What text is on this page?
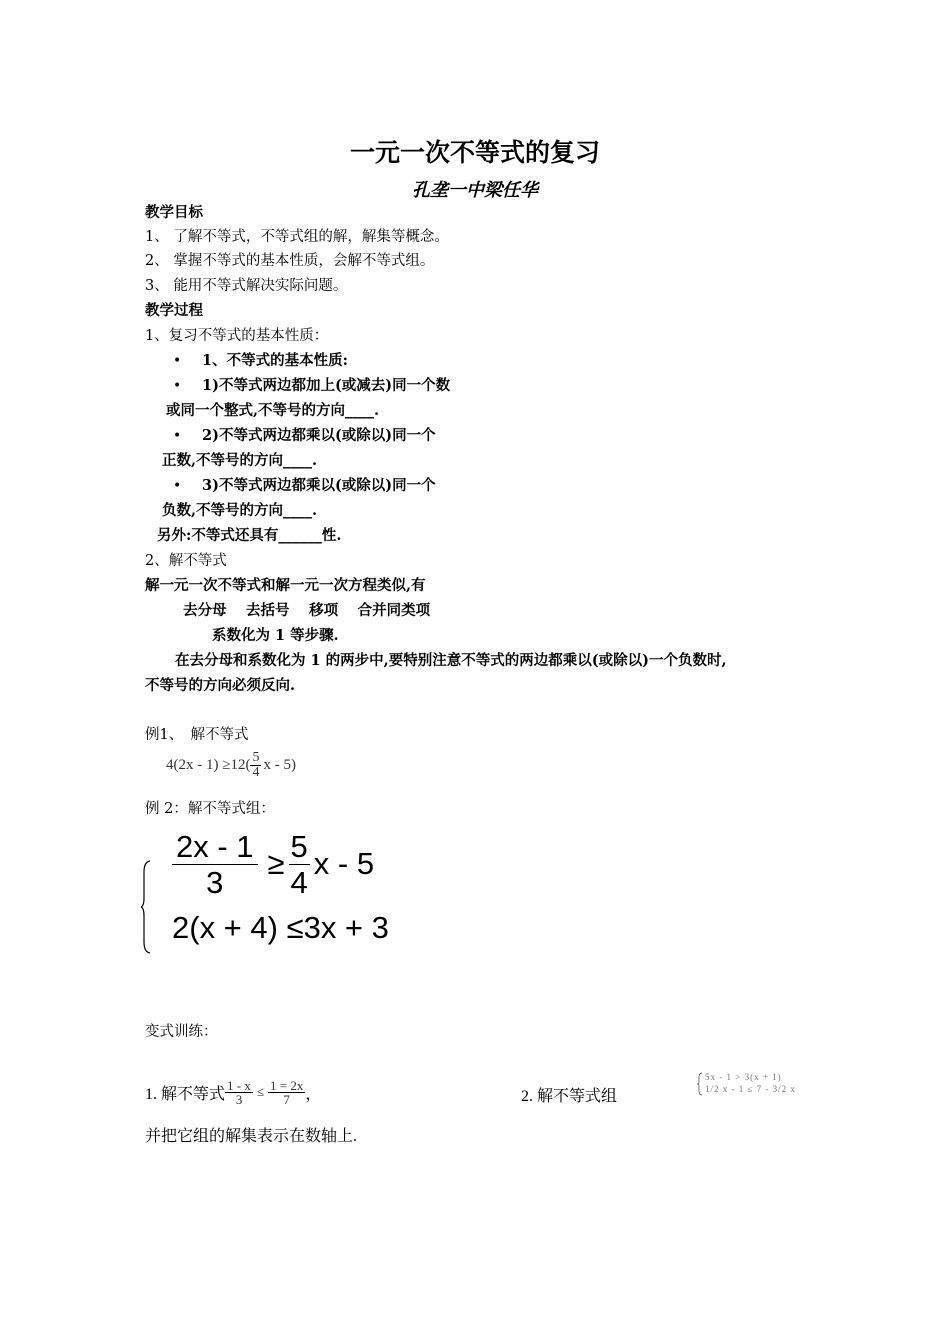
一元一次不等式的复习
孔垄一中梁任华
教学目标
1、 了解不等式，不等式组的解，解集等概念。
2、 掌握不等式的基本性质，会解不等式组。
3、 能用不等式解决实际问题。
教学过程
1、复习不等式的基本性质：
• 1、不等式的基本性质:
• 1)不等式两边都加上(或减去)同一个数
或同一个整式,不等号的方向____.
• 2)不等式两边都乘以(或除以)同一个
正数,不等号的方向____.
• 3)不等式两边都乘以(或除以)同一个
负数,不等号的方向____.
另外:不等式还具有______性.
2、解不等式
解一元一次不等式和解一元一次方程类似,有
去分母　 去括号　 移项　 合并同类项
系数化为 1 等步骤.
在去分母和系数化为 1 的两步中,要特别注意不等式的两边都乘以(或除以)一个负数时,
不等号的方向必须反向.
例1、　解不等式
$4(2x - 1) \ge 12( \frac{5}{4}$ x - 5)
例 2：解不等式组：
$\frac{2x - 1}{3} \ge \frac{5}{4}$ x - 5
2(x + 4) ≤3x + 3
变式训练：
1. 解不等式 $\frac{1 - x}{3} \le \frac{1 = 2x}{7}$ ，	2. 解不等式组
5x - 1 > 3(x + 1)
1/2 x - 1 ≤ 7 - 3/2 x
并把它组的解集表示在数轴上.
